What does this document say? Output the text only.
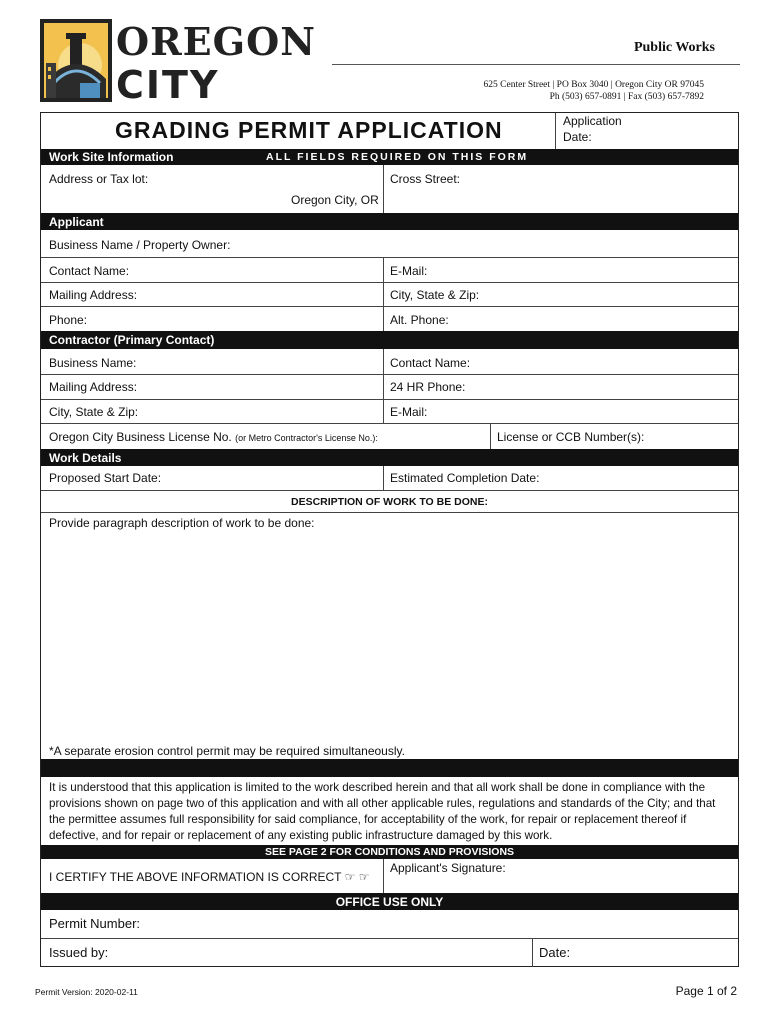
OREGON
CITY
Public Works
625 Center Street | PO Box 3040 | Oregon City OR 97045
Ph (503) 657-0891 | Fax (503) 657-7892
GRADING PERMIT APPLICATION	Application
Date:
Work Site Information	ALL FIELDS REQUIRED ON THIS FORM
Address or Tax lot:
Oregon City, OR
Cross Street:
Applicant
Business Name / Property Owner:
Contact Name:	E-Mail:
Mailing Address:	City, State & Zip:
Phone:	Alt. Phone:
Contractor (Primary Contact)
Business Name:	Contact Name:
Mailing Address:	24 HR Phone:
City, State & Zip:	E-Mail:
Oregon City Business License No. (or Metro Contractor's License No.):	License or CCB Number(s):
Work Details
Proposed Start Date:	Estimated Completion Date:
DESCRIPTION OF WORK TO BE DONE:
Provide paragraph description of work to be done:
*A separate erosion control permit may be required simultaneously.
It is understood that this application is limited to the work described herein and that all work shall be done in compliance with the provisions shown on page two of this application and with all other applicable rules, regulations and standards of the City; and that the permittee assumes full responsibility for said compliance, for acceptability of the work, for repair or replacement thereof if defective, and for repair or replacement of any existing public infrastructure damaged by this work.
SEE PAGE 2 FOR CONDITIONS AND PROVISIONS
I CERTIFY THE ABOVE INFORMATION IS CORRECT ☞ ☞
Applicant's Signature:
OFFICE USE ONLY
Permit Number:
Issued by:	Date:
Permit Version: 2020-02-11	Page 1 of 2
